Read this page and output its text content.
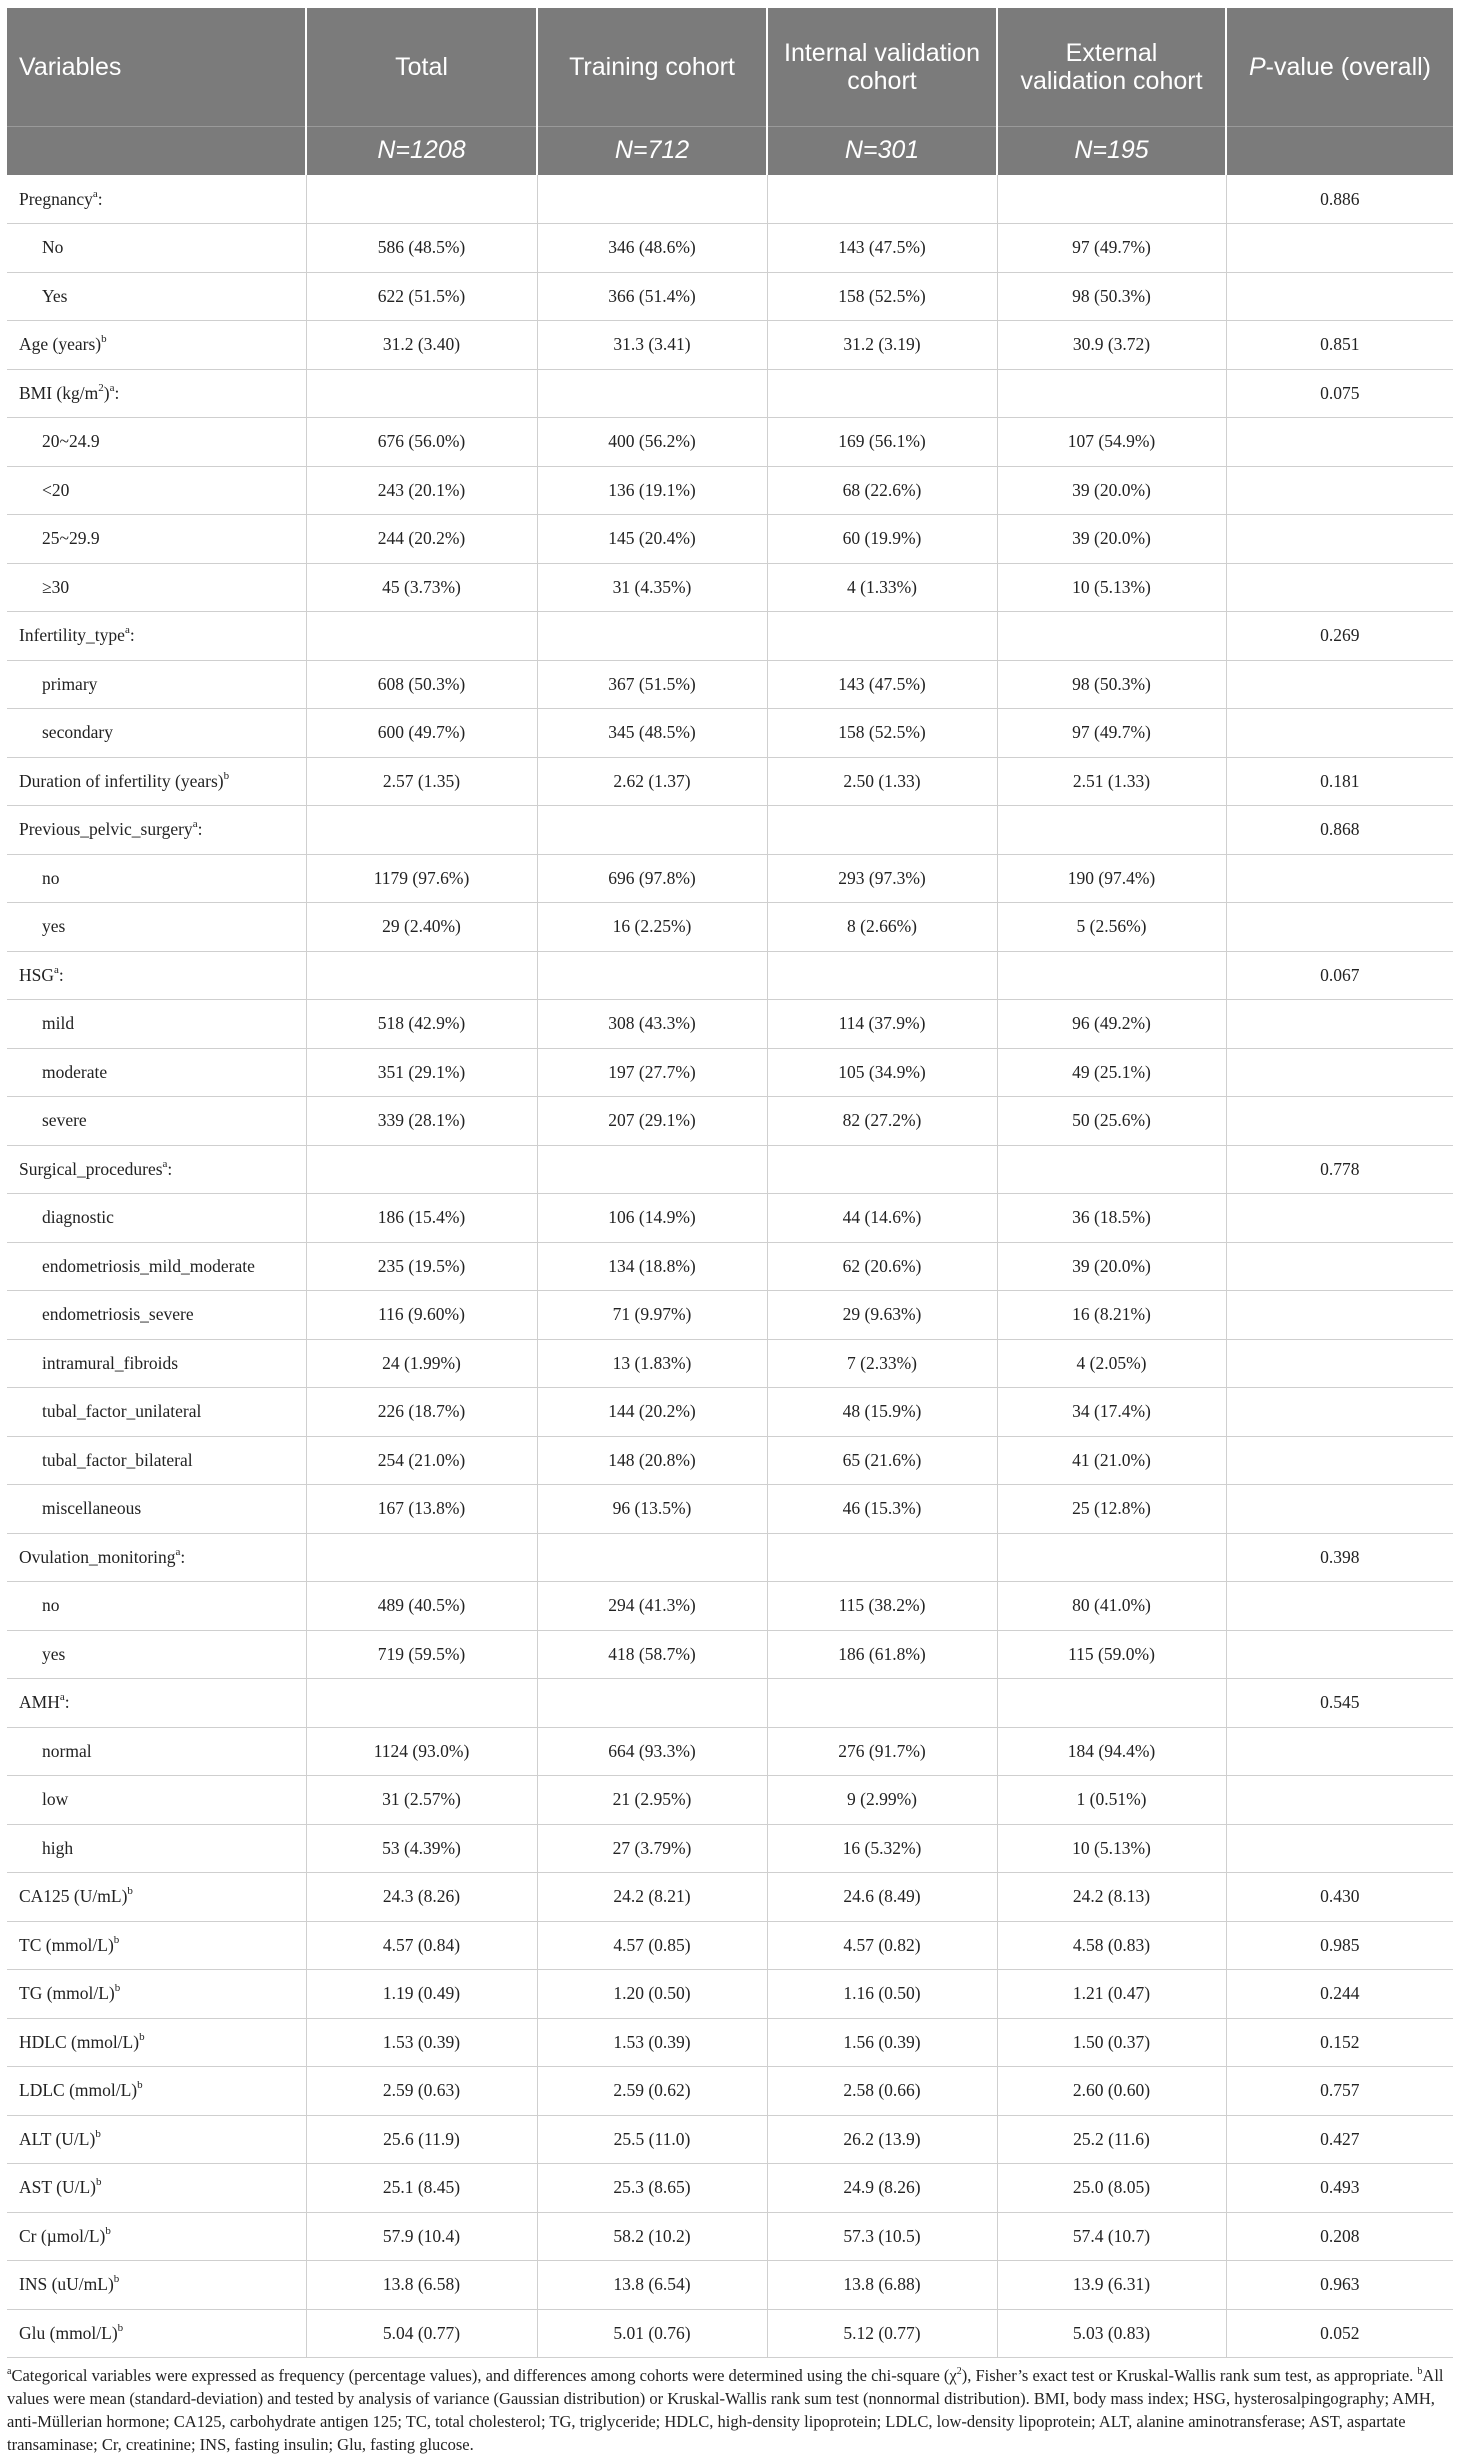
Variables	Total	Training cohort	Internal validation cohort	External validation cohort	P-value (overall)
	N=1208	N=712	N=301	N=195	
Pregnancy$^a$:					0.886
No	586 (48.5%)	346 (48.6%)	143 (47.5%)	97 (49.7%)	
Yes	622 (51.5%)	366 (51.4%)	158 (52.5%)	98 (50.3%)	
Age (years)$^b$	31.2 (3.40)	31.3 (3.41)	31.2 (3.19)	30.9 (3.72)	0.851
BMI $(kg/m^2)^a$:					0.075
20~24.9	676 (56.0%)	400 (56.2%)	169 (56.1%)	107 (54.9%)	
<20	243 (20.1%)	136 (19.1%)	68 (22.6%)	39 (20.0%)	
25~29.9	244 (20.2%)	145 (20.4%)	60 (19.9%)	39 (20.0%)	
≥30	45 (3.73%)	31 (4.35%)	4 (1.33%)	10 (5.13%)	
Infertility_type$^a$:					0.269
primary	608 (50.3%)	367 (51.5%)	143 (47.5%)	98 (50.3%)	
secondary	600 (49.7%)	345 (48.5%)	158 (52.5%)	97 (49.7%)	
Duration of infertility (years)$^b$	2.57 (1.35)	2.62 (1.37)	2.50 (1.33)	2.51 (1.33)	0.181
Previous_pelvic_surgery$^a$:					0.868
no	1179 (97.6%)	696 (97.8%)	293 (97.3%)	190 (97.4%)	
yes	29 (2.40%)	16 (2.25%)	8 (2.66%)	5 (2.56%)	
HSG$^a$:					0.067
mild	518 (42.9%)	308 (43.3%)	114 (37.9%)	96 (49.2%)	
moderate	351 (29.1%)	197 (27.7%)	105 (34.9%)	49 (25.1%)	
severe	339 (28.1%)	207 (29.1%)	82 (27.2%)	50 (25.6%)	
Surgical_procedures$^a$:					0.778
diagnostic	186 (15.4%)	106 (14.9%)	44 (14.6%)	36 (18.5%)	
endometriosis_mild_moderate	235 (19.5%)	134 (18.8%)	62 (20.6%)	39 (20.0%)	
endometriosis_severe	116 (9.60%)	71 (9.97%)	29 (9.63%)	16 (8.21%)	
intramural_fibroids	24 (1.99%)	13 (1.83%)	7 (2.33%)	4 (2.05%)	
tubal_factor_unilateral	226 (18.7%)	144 (20.2%)	48 (15.9%)	34 (17.4%)	
tubal_factor_bilateral	254 (21.0%)	148 (20.8%)	65 (21.6%)	41 (21.0%)	
miscellaneous	167 (13.8%)	96 (13.5%)	46 (15.3%)	25 (12.8%)	
Ovulation_monitoring$^a$:					0.398
no	489 (40.5%)	294 (41.3%)	115 (38.2%)	80 (41.0%)	
yes	719 (59.5%)	418 (58.7%)	186 (61.8%)	115 (59.0%)	
AMH$^a$:					0.545
normal	1124 (93.0%)	664 (93.3%)	276 (91.7%)	184 (94.4%)	
low	31 (2.57%)	21 (2.95%)	9 (2.99%)	1 (0.51%)	
high	53 (4.39%)	27 (3.79%)	16 (5.32%)	10 (5.13%)	
CA125 $(U/mL)^b$	24.3 (8.26)	24.2 (8.21)	24.6 (8.49)	24.2 (8.13)	0.430
TC (mmol/L)$^b$	4.57 (0.84)	4.57 (0.85)	4.57 (0.82)	4.58 (0.83)	0.985
TG (mmol/L)$^b$	1.19 (0.49)	1.20 (0.50)	1.16 (0.50)	1.21 (0.47)	0.244
HDLC (mmol/L)$^b$	1.53 (0.39)	1.53 (0.39)	1.56 (0.39)	1.50 (0.37)	0.152
LDLC (mmol/L)$^b$	2.59 (0.63)	2.59 (0.62)	2.58 (0.66)	2.60 (0.60)	0.757
ALT $(U/L)^b$	25.6 (11.9)	25.5 (11.0)	26.2 (13.9)	25.2 (11.6)	0.427
AST $(U/L)^b$	25.1 (8.45)	25.3 (8.65)	24.9 (8.26)	25.0 (8.05)	0.493
Cr $(\mu mol/L)^b$	57.9 (10.4)	58.2 (10.2)	57.3 (10.5)	57.4 (10.7)	0.208
INS $(uU/mL)^b$	13.8 (6.58)	13.8 (6.54)	13.8 (6.88)	13.9 (6.31)	0.963
Glu (mmol/L)$^b$	5.04 (0.77)	5.01 (0.76)	5.12 (0.77)	5.03 (0.83)	0.052
$^a$Categorical variables were expressed as frequency (percentage values), and differences among cohorts were determined using the chi-square $(\chi^2)$, Fisher’s exact test or Kruskal-Wallis rank sum test, as appropriate. $^b$All values were mean (standard-deviation) and tested by analysis of variance (Gaussian distribution) or Kruskal-Wallis rank sum test (nonnormal distribution). BMI, body mass index; HSG, hysterosalpingography; AMH, anti-Müllerian hormone; CA125, carbohydrate antigen 125; TC, total cholesterol; TG, triglyceride; HDLC, high-density lipoprotein; LDLC, low-density lipoprotein; ALT, alanine aminotransferase; AST, aspartate transaminase; Cr, creatinine; INS, fasting insulin; Glu, fasting glucose.
